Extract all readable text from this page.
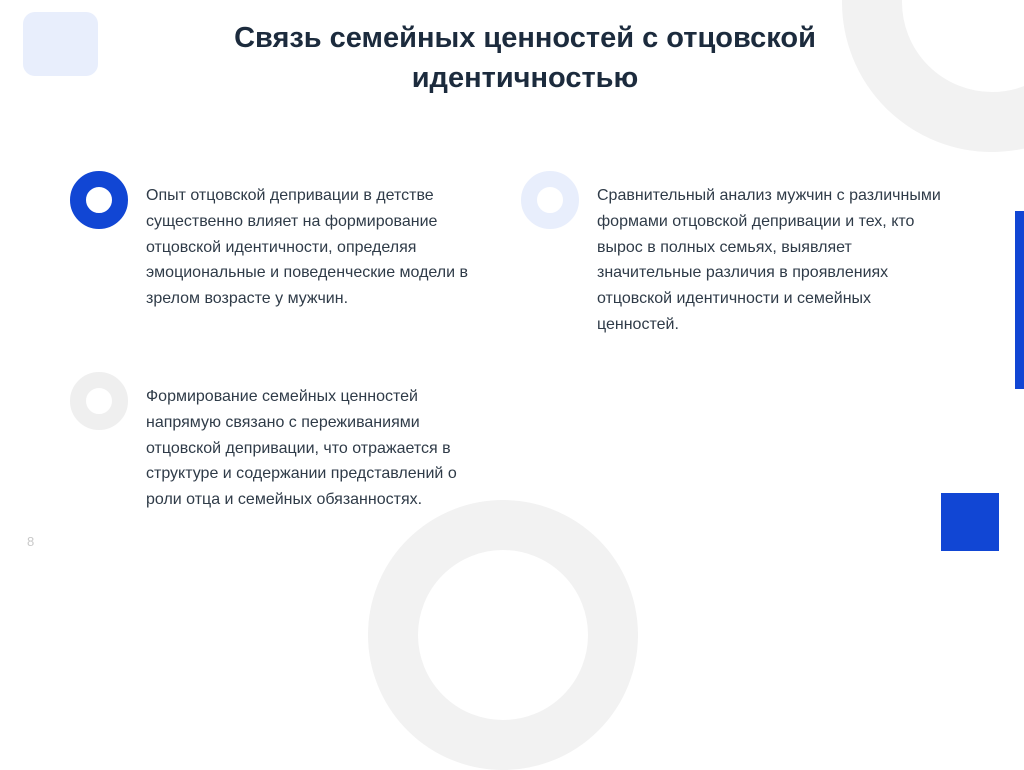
Связь семейных ценностей с отцовской идентичностью

Опыт отцовской депривации в детстве существенно влияет на формирование отцовской идентичности, определяя эмоциональные и поведенческие модели в зрелом возрасте у мужчин.

Сравнительный анализ мужчин с различными формами отцовской депривации и тех, кто вырос в полных семьях, выявляет значительные различия в проявлениях отцовской идентичности и семейных ценностей.

Формирование семейных ценностей напрямую связано с переживаниями отцовской депривации, что отражается в структуре и содержании представлений о роли отца и семейных обязанностях.

8
